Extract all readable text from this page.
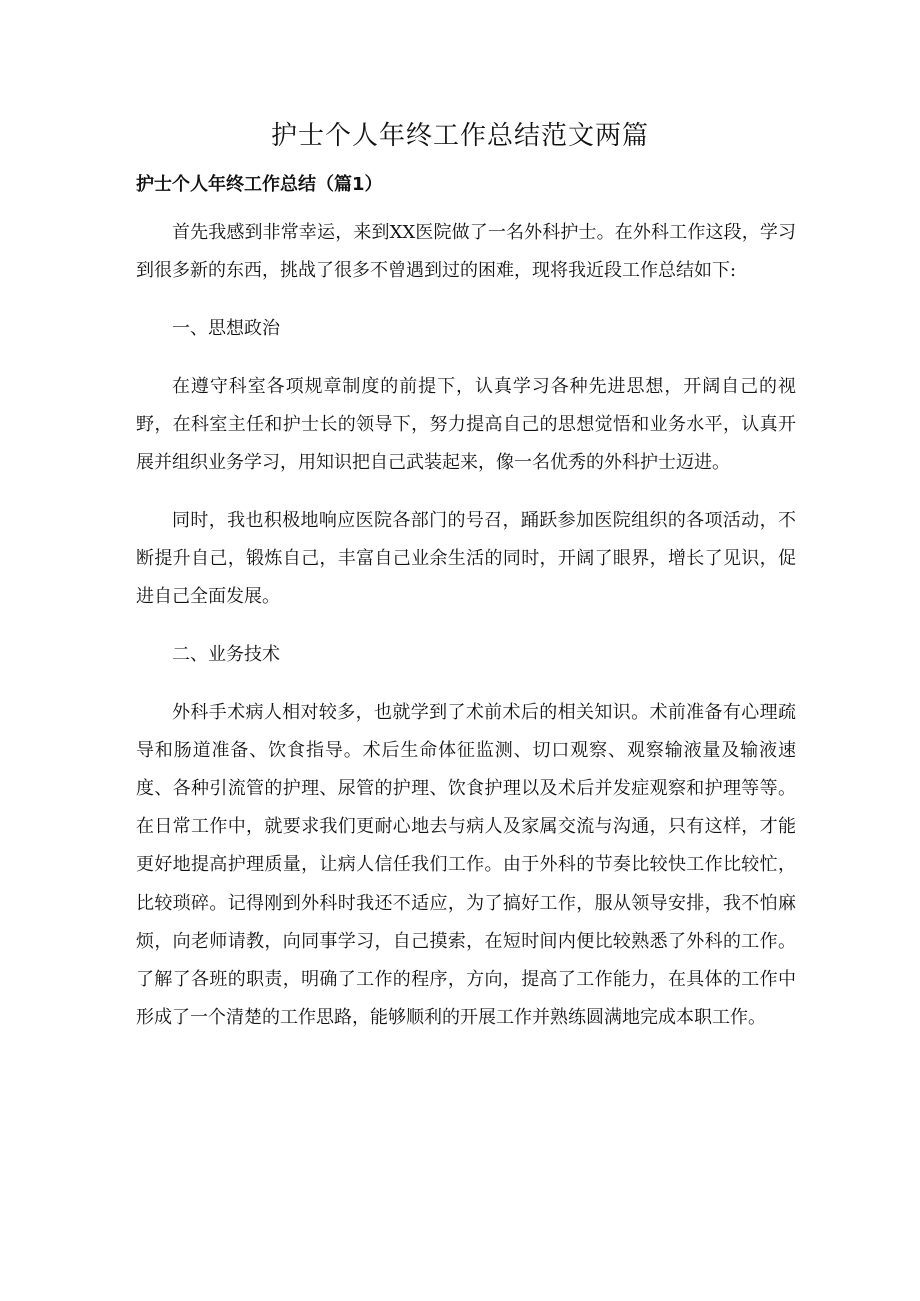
护士个人年终工作总结范文两篇
护士个人年终工作总结（篇1）

首先我感到非常幸运，来到XX医院做了一名外科护士。在外科工作这段，学习到很多新的东西，挑战了很多不曾遇到过的困难，现将我近段工作总结如下:

一、思想政治

在遵守科室各项规章制度的前提下，认真学习各种先进思想，开阔自己的视野，在科室主任和护士长的领导下，努力提高自己的思想觉悟和业务水平，认真开展并组织业务学习，用知识把自己武装起来，像一名优秀的外科护士迈进。

同时，我也积极地响应医院各部门的号召，踊跃参加医院组织的各项活动，不断提升自己，锻炼自己，丰富自己业余生活的同时，开阔了眼界，增长了见识，促进自己全面发展。

二、业务技术

外科手术病人相对较多，也就学到了术前术后的相关知识。术前准备有心理疏导和肠道准备、饮食指导。术后生命体征监测、切口观察、观察输液量及输液速度、各种引流管的护理、尿管的护理、饮食护理以及术后并发症观察和护理等等。在日常工作中，就要求我们更耐心地去与病人及家属交流与沟通，只有这样，才能更好地提高护理质量，让病人信任我们工作。由于外科的节奏比较快工作比较忙，比较琐碎。记得刚到外科时我还不适应，为了搞好工作，服从领导安排，我不怕麻烦，向老师请教，向同事学习，自己摸索，在短时间内便比较熟悉了外科的工作。了解了各班的职责，明确了工作的程序，方向，提高了工作能力，在具体的工作中形成了一个清楚的工作思路，能够顺利的开展工作并熟练圆满地完成本职工作。
